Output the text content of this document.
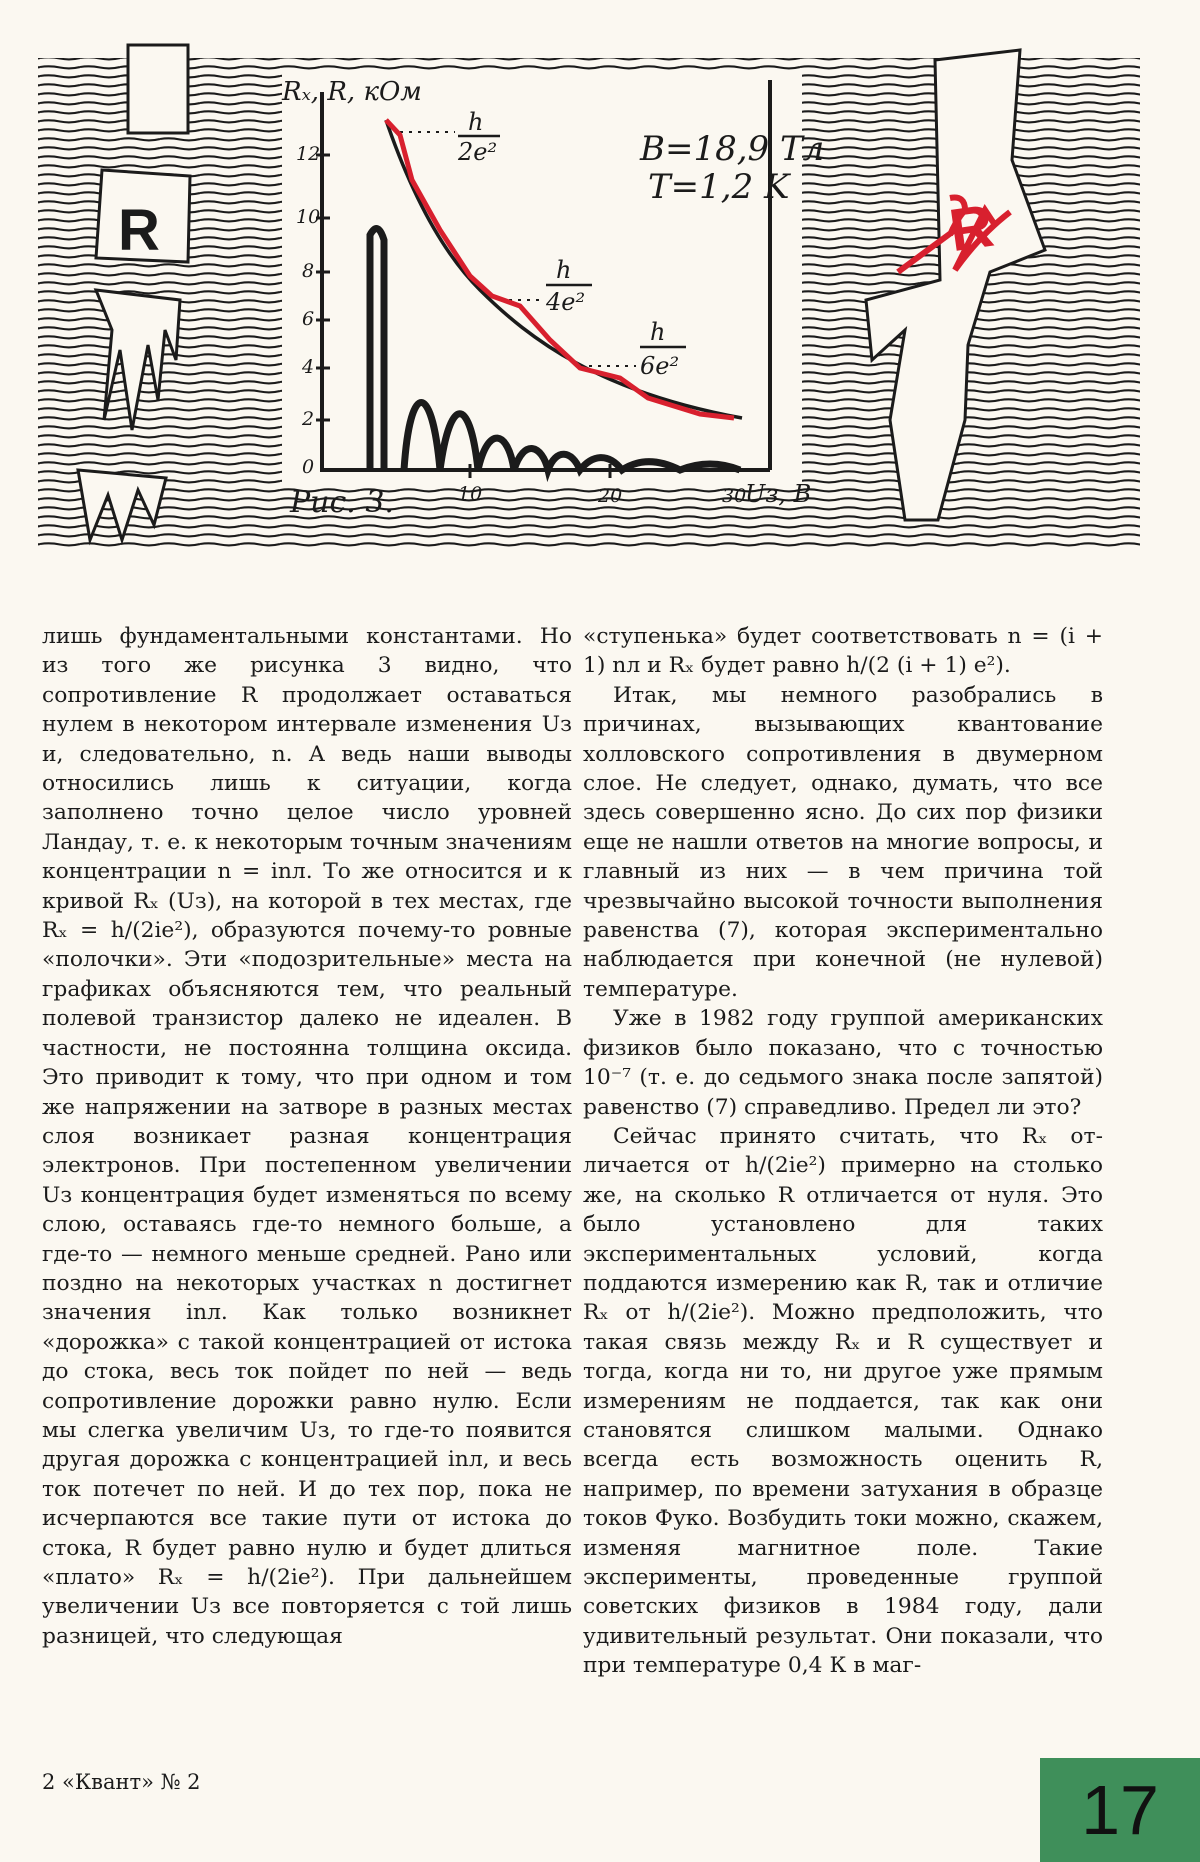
R	R
12
10
8
6
4
2
0
10	20	30
Rₓ, R, кОм
Uз, B
B=18,9 Тл
T=1,2 K
Рис. 3.
h
2e²
h
4e²
h
6e²

лишь фундаментальными константами. Но из того же рисунка 3 видно, что сопротивление R продолжает оставаться нулем в некотором интервале изменения Uз и, следовательно, n. А ведь наши выводы относились лишь к ситуации, когда заполнено точно целое число уровней Ландау, т. е. к некоторым точным значениям концентрации n = inл. То же относится и к кривой Rₓ (Uз), на которой в тех местах, где Rₓ = h/(2ie²), образуются почему-то ровные «полочки». Эти «подозрительные» места на графиках объясняются тем, что реальный полевой транзистор далеко не идеален. В частности, не постоянна толщина оксида. Это приводит к тому, что при одном и том же напряжении на затворе в разных местах слоя возникает разная концентрация электронов. При постепенном увеличении Uз концентрация будет изменяться по всему слою, оставаясь где-то немного больше, а где-то — немного меньше средней. Рано или поздно на некоторых участках n достигнет значения inл. Как только возникнет «дорожка» с такой концентрацией от истока до стока, весь ток пойдет по ней — ведь сопротивление дорожки равно нулю. Если мы слегка увеличим Uз, то где-то появится другая дорожка с концентрацией inл, и весь ток потечет по ней. И до тех пор, пока не исчерпаются все такие пути от истока до стока, R будет равно нулю и будет длиться «плато» Rₓ = h/(2ie²). При дальнейшем увеличении Uз все повторяется с той лишь разницей, что следующая

«ступенька» будет соответствовать n = (i + 1) nл и Rₓ будет равно h/(2 (i + 1) e²).

Итак, мы немного разобрались в причинах, вызывающих квантование холловского сопротивления в двумерном слое. Не следует, однако, думать, что все здесь совершенно ясно. До сих пор физики еще не нашли ответов на многие вопросы, и главный из них — в чем причина той чрезвычайно высокой точности выполнения равенства (7), которая экспериментально наблюдается при конечной (не нулевой) температуре.

Уже в 1982 году группой американских физиков было показано, что с точностью 10⁻⁷ (т. е. до седьмого знака после запятой) равенство (7) справедливо. Предел ли это?

Сейчас принято считать, что Rₓ отличается от h/(2ie²) примерно на столько же, на сколько R отличается от нуля. Это было установлено для таких экспериментальных условий, когда поддаются измерению как R, так и отличие Rₓ от h/(2ie²). Можно предположить, что такая связь между Rₓ и R существует и тогда, когда ни то, ни другое уже прямым измерениям не поддается, так как они становятся слишком малыми. Однако всегда есть возможность оценить R, например, по времени затухания в образце токов Фуко. Возбудить токи можно, скажем, изменяя магнитное поле. Такие эксперименты, проведенные группой советских физиков в 1984 году, дали удивительный результат. Они показали, что при температуре 0,4 К в маг-

2 «Квант» № 2	17
